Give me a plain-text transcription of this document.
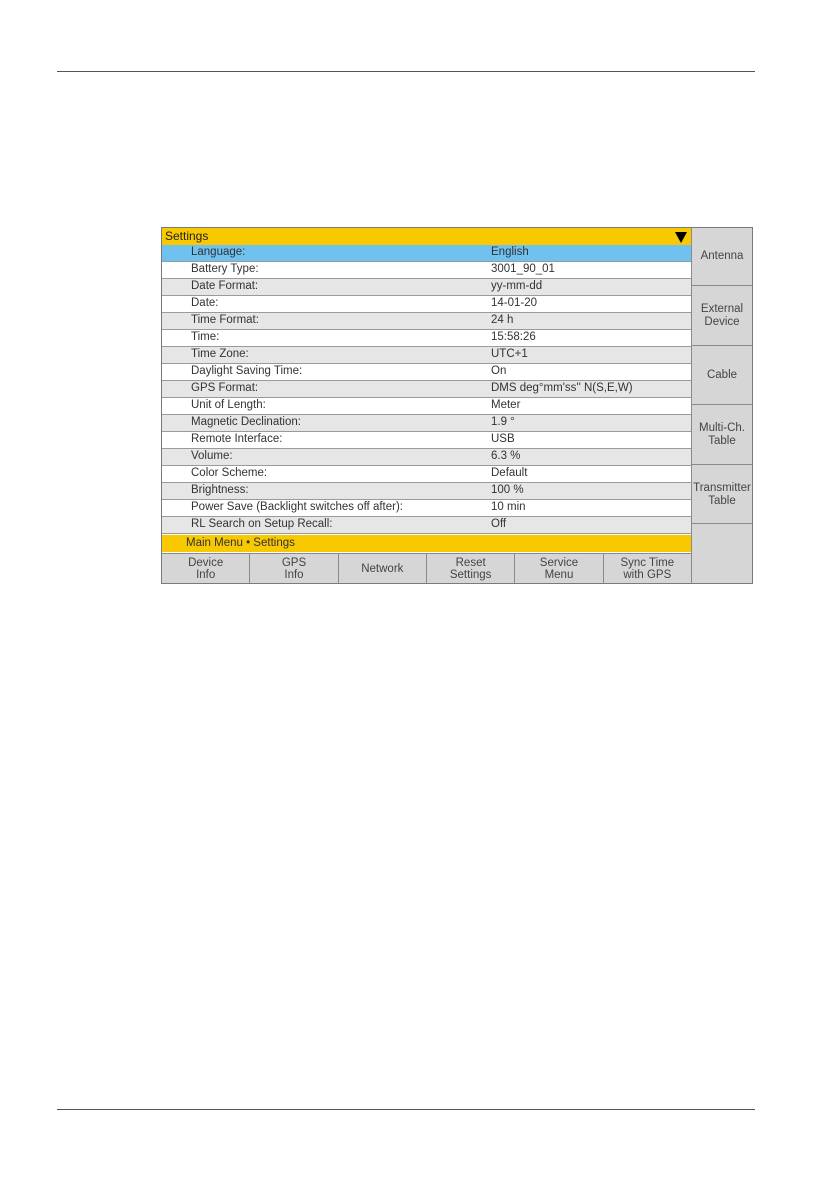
Settings
Language:	English
Battery Type:	3001_90_01
Date Format:	yy-mm-dd
Date:	14-01-20
Time Format:	24 h
Time:	15:58:26
Time Zone:	UTC+1
Daylight Saving Time:	On
GPS Format:	DMS deg°mm'ss'' N(S,E,W)
Unit of Length:	Meter
Magnetic Declination:	1.9 °
Remote Interface:	USB
Volume:	6.3 %
Color Scheme:	Default
Brightness:	100 %
Power Save (Backlight switches off after):	10 min
RL Search on Setup Recall:	Off
Main Menu • Settings
Device
Info
GPS
Info	Network	Reset
Settings
Service
Menu
Sync Time
with GPS
Antenna
External
Device
Cable
Multi-Ch.
Table
Transmitter
Table
